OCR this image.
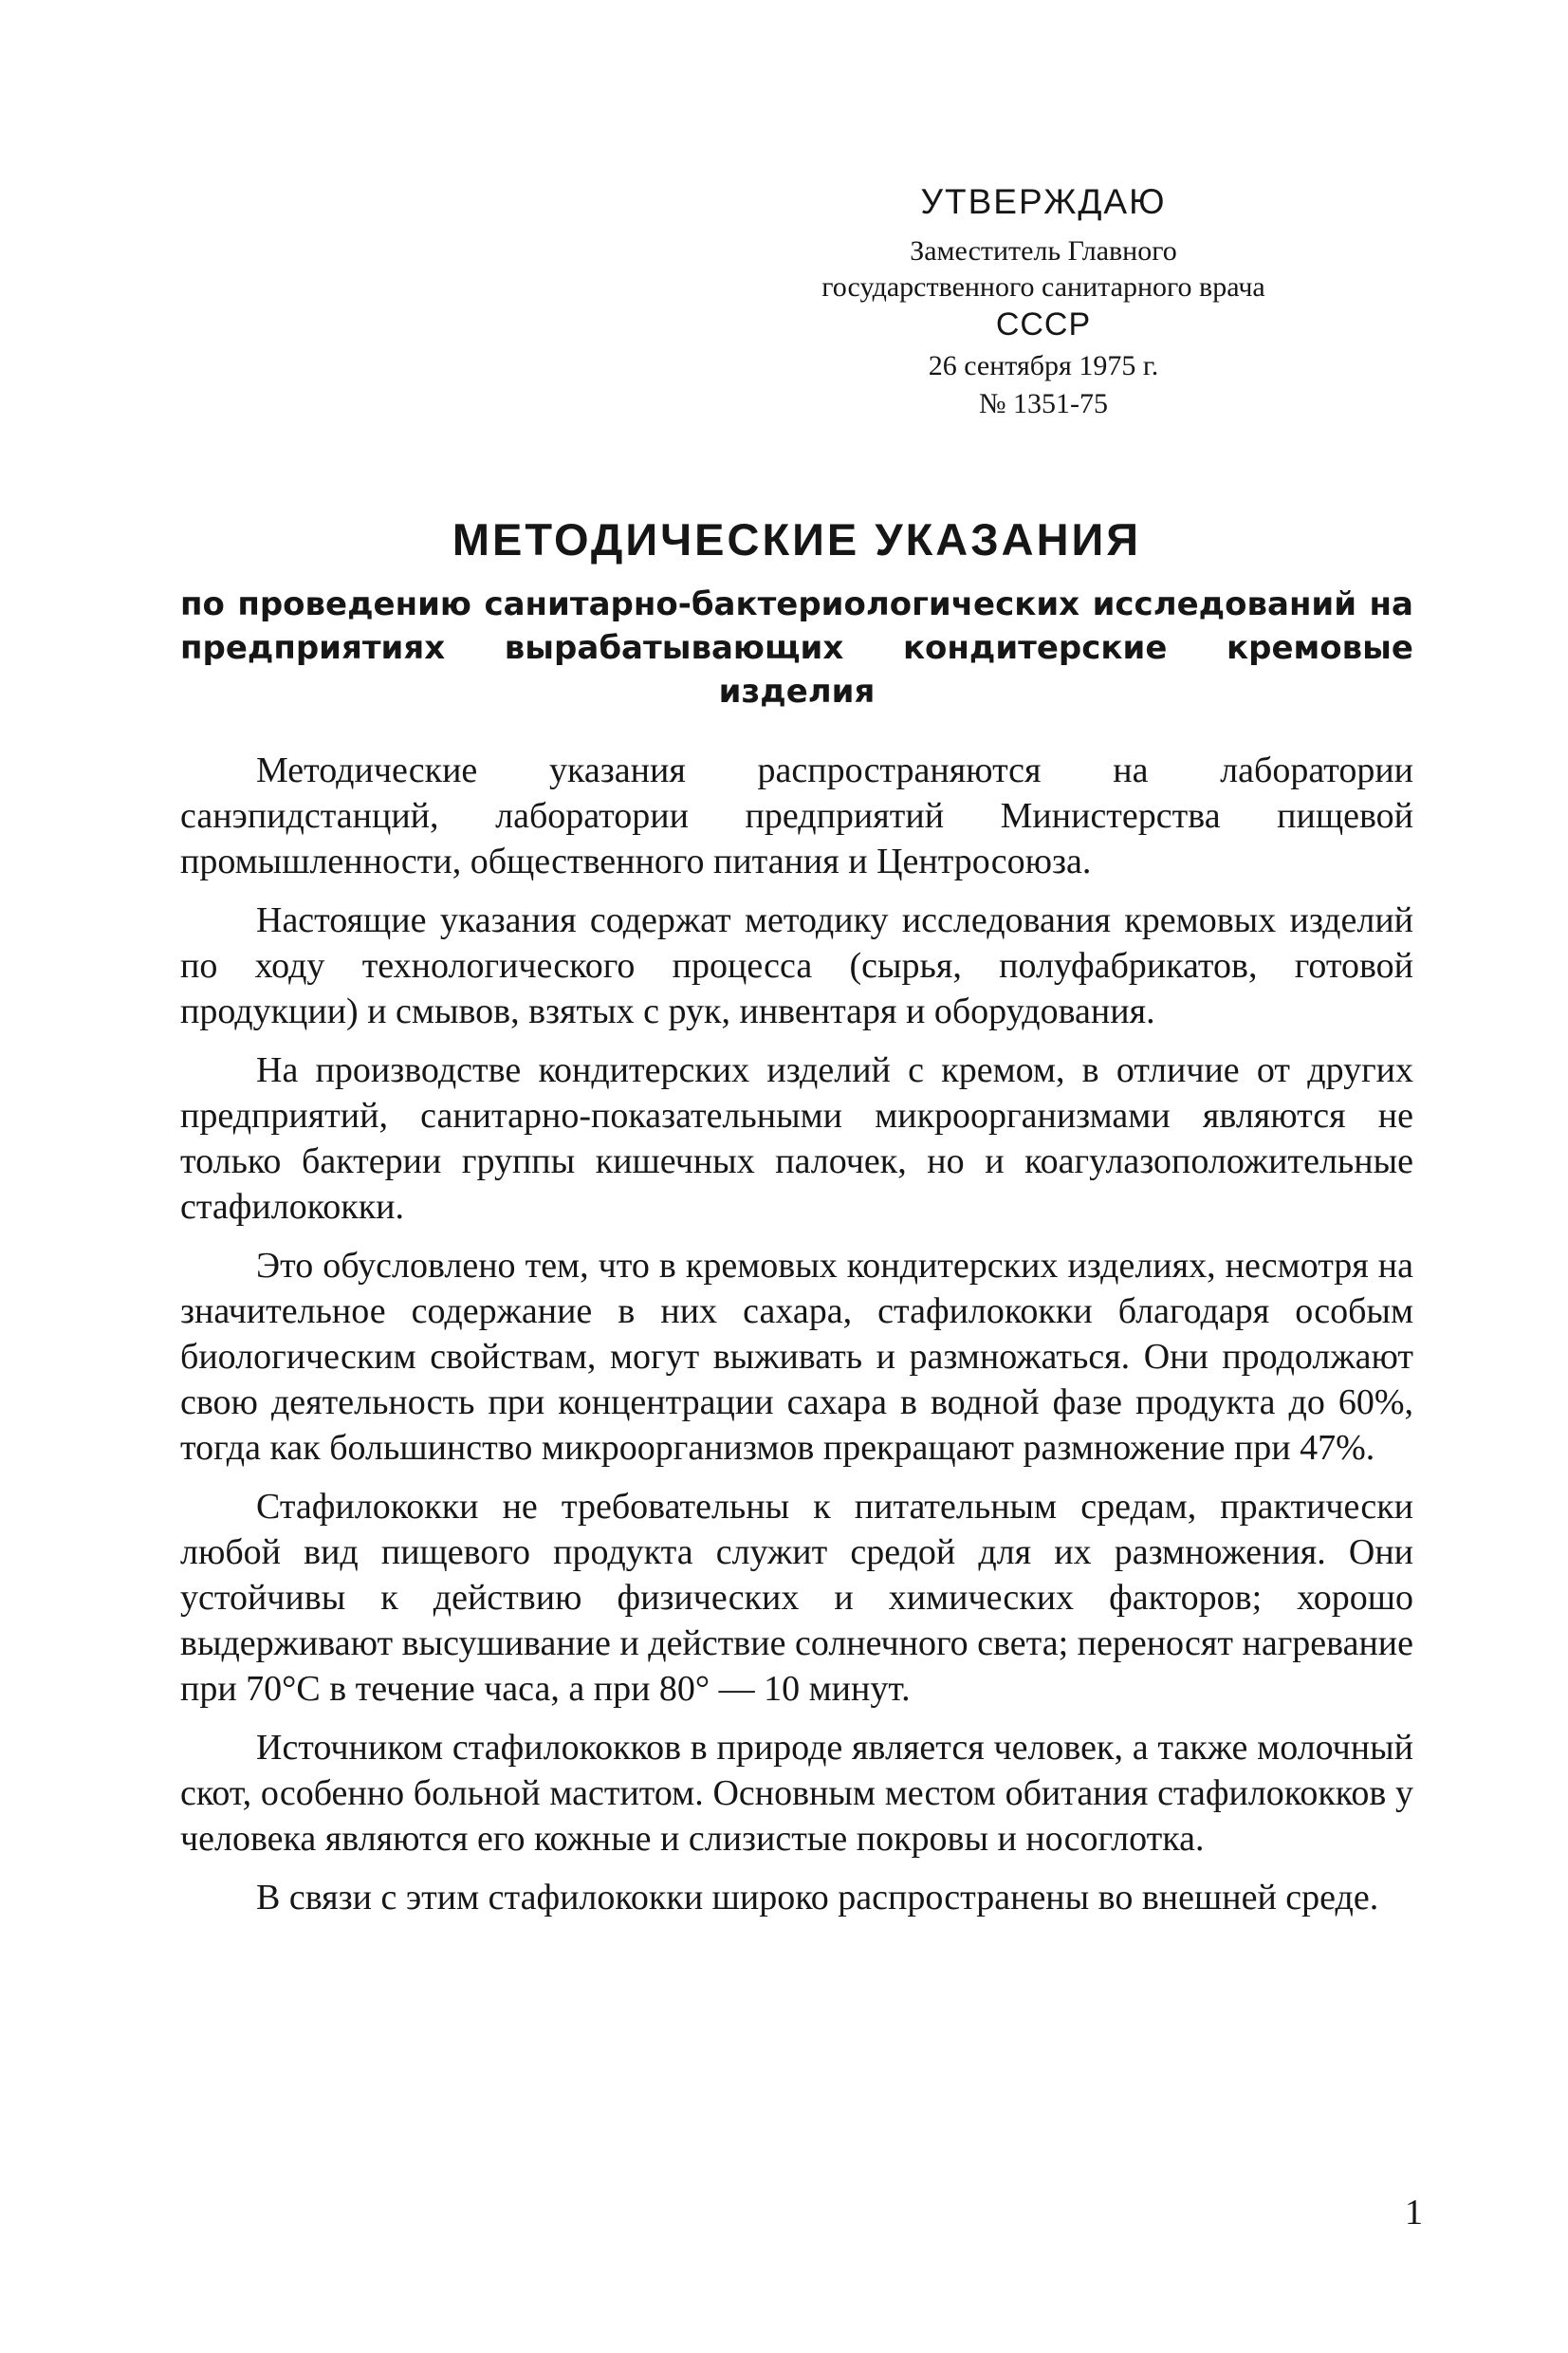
УТВЕРЖДАЮ
Заместитель Главного
государственного санитарного врача
СССР
26 сентября 1975 г.
№ 1351-75
МЕТОДИЧЕСКИЕ УКАЗАНИЯ
по проведению санитарно-бактериологических исследований на предприятиях вырабатывающих кондитерские кремовые изделия

Методические указания распространяются на лаборатории санэпидстанций, лаборатории предприятий Министерства пищевой промышленности, общественного питания и Центросоюза.

Настоящие указания содержат методику исследования кремовых изделий по ходу технологического процесса (сырья, полуфабрикатов, готовой продукции) и смывов, взятых с рук, инвентаря и оборудования.

На производстве кондитерских изделий с кремом, в отличие от других предприятий, санитарно-показательными микроорганизмами являются не только бактерии группы кишечных палочек, но и коагулазоположительные стафилококки.

Это обусловлено тем, что в кремовых кондитерских изделиях, несмотря на значительное содержание в них сахара, стафилококки благодаря особым биологическим свойствам, могут выживать и размножаться. Они продолжают свою деятельность при концентрации сахара в водной фазе продукта до 60%, тогда как большинство микроорганизмов прекращают размножение при 47%.

Стафилококки не требовательны к питательным средам, практически любой вид пищевого продукта служит средой для их размножения. Они устойчивы к действию физических и химических факторов; хорошо выдерживают высушивание и действие солнечного света; переносят нагревание при 70°С в течение часа, а при 80° — 10 минут.

Источником стафилококков в природе является человек, а также молочный скот, особенно больной маститом. Основным местом обитания стафилококков у человека являются его кожные и слизистые покровы и носоглотка.

В связи с этим стафилококки широко распространены во внешней среде.

1
